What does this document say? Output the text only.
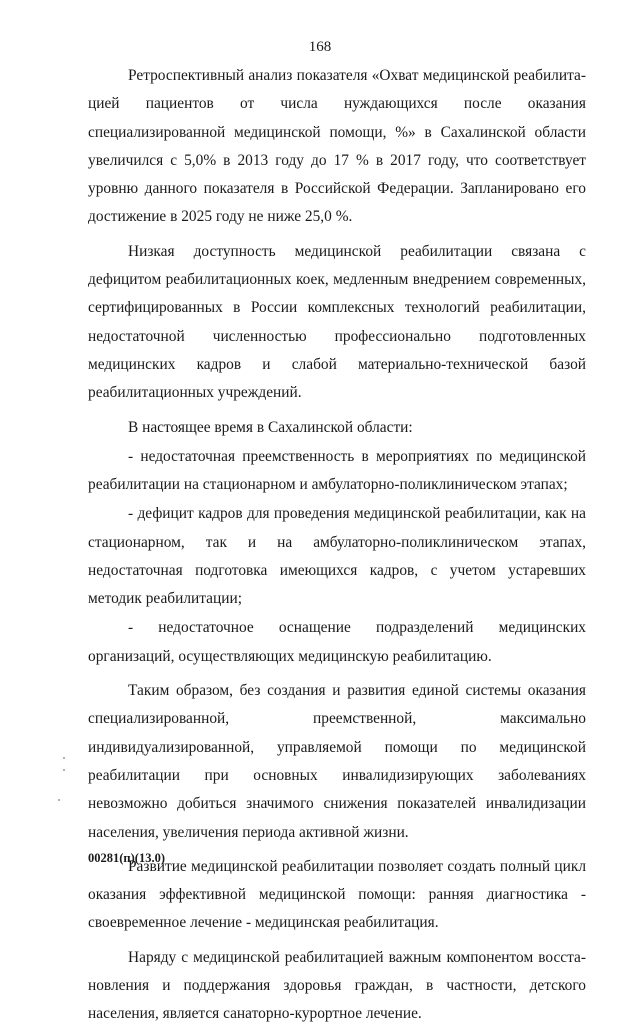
168

Ретроспективный анализ показателя «Охват медицинской реабилитацией пациентов от числа нуждающихся после оказания специализированной медицинской помощи, %» в Сахалинской области увеличился с 5,0% в 2013 году до 17 % в 2017 году, что соответствует уровню данного показателя в Российской Федерации. Запланировано его достижение в 2025 году не ниже 25,0 %.

Низкая доступность медицинской реабилитации связана с дефицитом реабилитационных коек, медленным внедрением современных, сертифицированных в России комплексных технологий реабилитации, недостаточной численностью профессионально подготовленных медицинских кадров и слабой материально-технической базой реабилитационных учреждений.

В настоящее время в Сахалинской области:

- недостаточная преемственность в мероприятиях по медицинской реабилитации на стационарном и амбулаторно-поликлиническом этапах;

- дефицит кадров для проведения медицинской реабилитации, как на стационарном, так и на амбулаторно-поликлиническом этапах, недостаточная подготовка имеющихся кадров, с учетом устаревших методик реабилитации;

- недостаточное оснащение подразделений медицинских организаций, осуществляющих медицинскую реабилитацию.

Таким образом, без создания и развития единой системы оказания специализированной, преемственной, максимально индивидуализированной, управляемой помощи по медицинской реабилитации при основных инвалидизирующих заболеваниях невозможно добиться значимого снижения показателей инвалидизации населения, увеличения периода активной жизни.

Развитие медицинской реабилитации позволяет создать полный цикл оказания эффективной медицинской помощи: ранняя диагностика - своевременное лечение - медицинская реабилитация.

Наряду с медицинской реабилитацией важным компонентом восстановления и поддержания здоровья граждан, в частности, детского населения, является санаторно-курортное лечение.

00281(п)(13.0)
